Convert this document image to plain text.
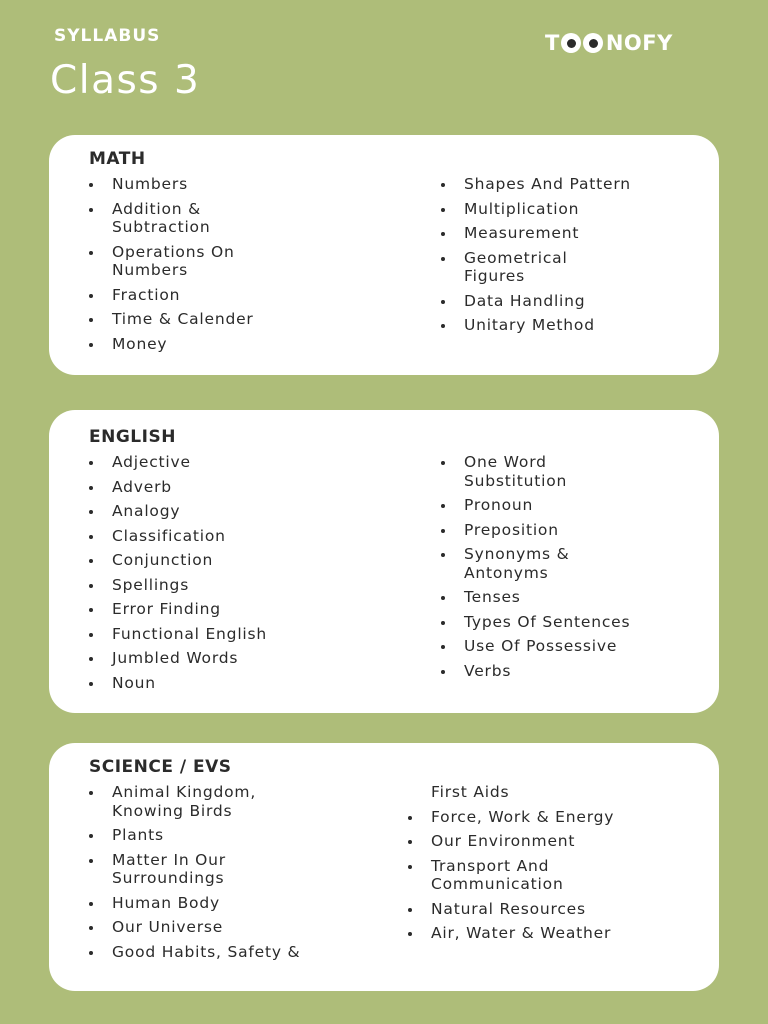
SYLLABUS
Class 3
T NOFY
MATH
Numbers
Addition &
Subtraction
Operations On
Numbers
Fraction
Time & Calender
Money
Shapes And Pattern
Multiplication
Measurement
Geometrical
Figures
Data Handling
Unitary Method
ENGLISH
Adjective
Adverb
Analogy
Classification
Conjunction
Spellings
Error Finding
Functional English
Jumbled Words
Noun
One Word
Substitution
Pronoun
Preposition
Synonyms &
Antonyms
Tenses
Types Of Sentences
Use Of Possessive
Verbs
SCIENCE / EVS
Animal Kingdom,
Knowing Birds
Plants
Matter In Our
Surroundings
Human Body
Our Universe
Good Habits, Safety &
First Aids
Force, Work & Energy
Our Environment
Transport And
Communication
Natural Resources
Air, Water & Weather
